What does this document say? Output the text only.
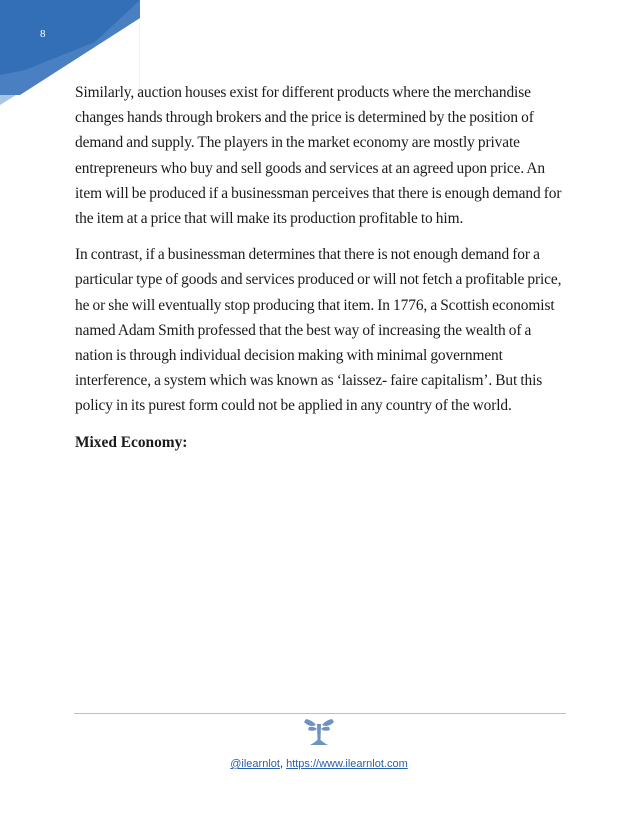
8

Similarly, auction houses exist for different products where the merchandise changes hands through brokers and the price is determined by the position of demand and supply. The players in the market economy are mostly private entrepreneurs who buy and sell goods and services at an agreed upon price. An item will be produced if a businessman perceives that there is enough demand for the item at a price that will make its production profitable to him.

In contrast, if a businessman determines that there is not enough demand for a particular type of goods and services produced or will not fetch a profitable price, he or she will eventually stop producing that item. In 1776, a Scottish economist named Adam Smith professed that the best way of increasing the wealth of a nation is through individual decision making with minimal government interference, a system which was known as ‘laissez- faire capitalism’. But this policy in its purest form could not be applied in any country of the world.

Mixed Economy:

@ilearnlot, https://www.ilearnlot.com
